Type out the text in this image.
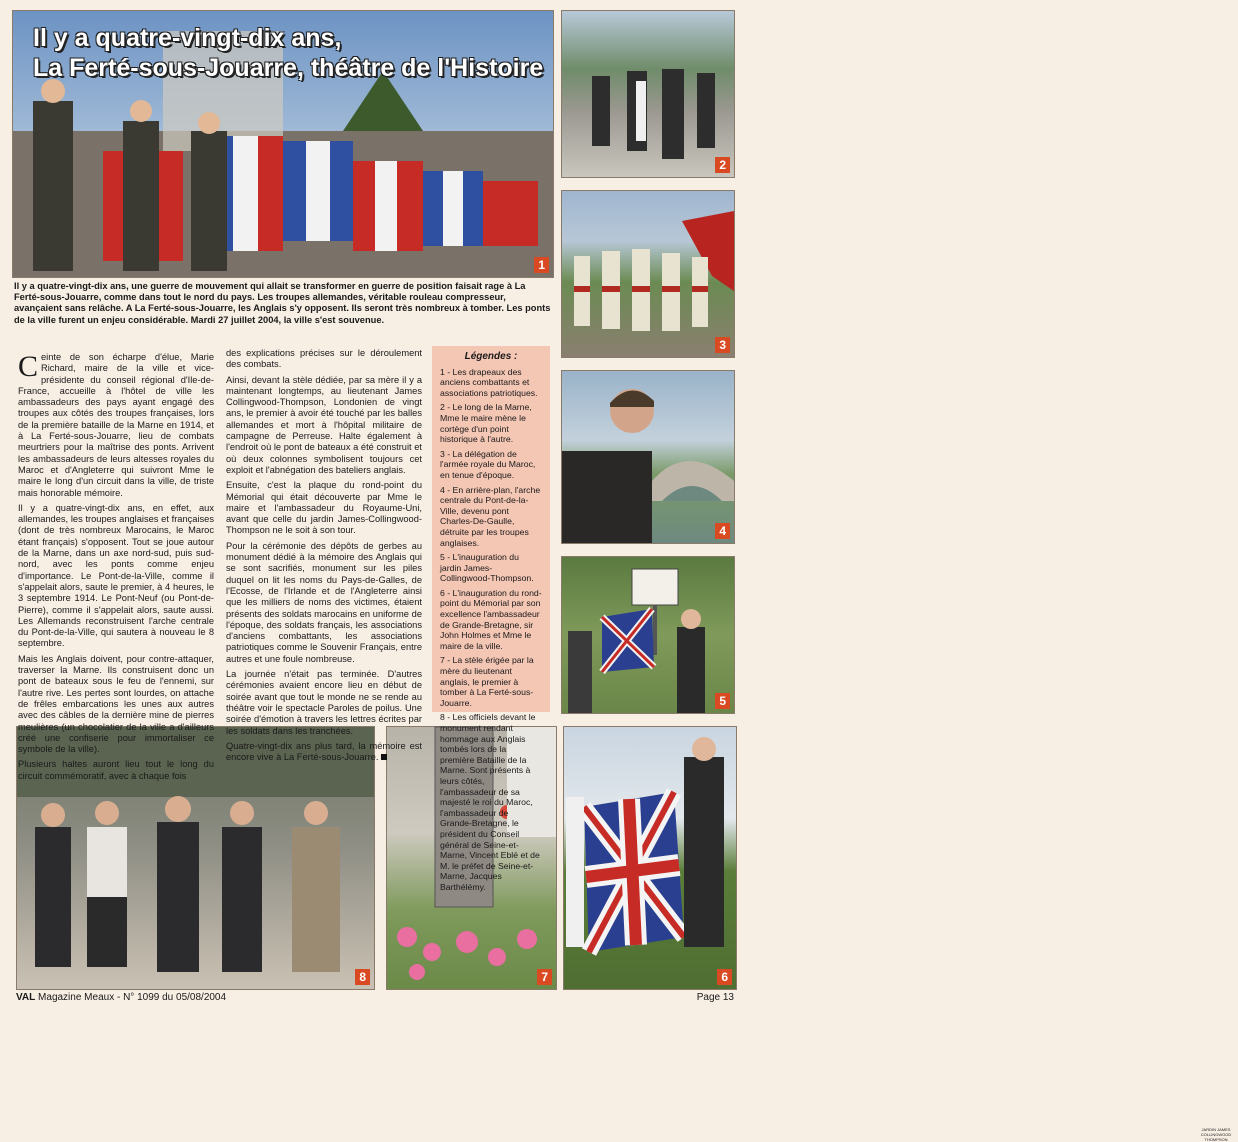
Il y a quatre-vingt-dix ans,
La Ferté-sous-Jouarre, théâtre de l'Histoire
1
2
3
4
JARDIN JAMES COLLINGWOOD THOMPSON
5
8	7	6
Il y a quatre-vingt-dix ans, une guerre de mouvement qui allait se transformer en guerre de position faisait rage à La Ferté-sous-Jouarre, comme dans tout le nord du pays. Les troupes allemandes, véritable rouleau compresseur, avançaient sans relâche. A La Ferté-sous-Jouarre, les Anglais s'y opposent. Ils seront très nombreux à tomber. Les ponts de la ville furent un enjeu considérable. Mardi 27 juillet 2004, la ville s'est souvenue.

Ceinte de son écharpe d'élue, Marie Richard, maire de la ville et vice-présidente du conseil régional d'Ile-de-France, accueille à l'hôtel de ville les ambassadeurs des pays ayant engagé des troupes aux côtés des troupes françaises, lors de la première bataille de la Marne en 1914, et à La Ferté-sous-Jouarre, lieu de combats meurtriers pour la maîtrise des ponts. Arrivent les ambassadeurs de leurs altesses royales du Maroc et d'Angleterre qui suivront Mme le maire le long d'un circuit dans la ville, de triste mais honorable mémoire.

Il y a quatre-vingt-dix ans, en effet, aux allemandes, les troupes anglaises et françaises (dont de très nombreux Marocains, le Maroc étant français) s'opposent. Tout se joue autour de la Marne, dans un axe nord-sud, puis sud-nord, avec les ponts comme enjeu d'importance. Le Pont-de-la-Ville, comme il s'appelait alors, saute le premier, à 4 heures, le 3 septembre 1914. Le Pont-Neuf (ou Pont-de-Pierre), comme il s'appelait alors, saute aussi. Les Allemands reconstruisent l'arche centrale du Pont-de-la-Ville, qui sautera à nouveau le 8 septembre.

Mais les Anglais doivent, pour contre-attaquer, traverser la Marne. Ils construisent donc un pont de bateaux sous le feu de l'ennemi, sur l'autre rive. Les pertes sont lourdes, on attache de frêles embarcations les unes aux autres avec des câbles de la dernière mine de pierres meulières (un chocolatier de la ville a d'ailleurs créé une confiserie pour immortaliser ce symbole de la ville).

Plusieurs haltes auront lieu tout le long du circuit commémoratif, avec à chaque fois

des explications précises sur le déroulement des combats.

Ainsi, devant la stèle dédiée, par sa mère il y a maintenant longtemps, au lieutenant James Collingwood-Thompson, Londonien de vingt ans, le premier à avoir été touché par les balles allemandes et mort à l'hôpital militaire de campagne de Perreuse. Halte également à l'endroit où le pont de bateaux a été construit et où deux colonnes symbolisent toujours cet exploit et l'abnégation des bateliers anglais.

Ensuite, c'est la plaque du rond-point du Mémorial qui était découverte par Mme le maire et l'ambassadeur du Royaume-Uni, avant que celle du jardin James-Collingwood-Thompson ne le soit à son tour.

Pour la cérémonie des dépôts de gerbes au monument dédié à la mémoire des Anglais qui se sont sacrifiés, monument sur les piles duquel on lit les noms du Pays-de-Galles, de l'Ecosse, de l'Irlande et de l'Angleterre ainsi que les milliers de noms des victimes, étaient présents des soldats marocains en uniforme de l'époque, des soldats français, les associations d'anciens combattants, les associations patriotiques comme le Souvenir Français, entre autres et une foule nombreuse.

La journée n'était pas terminée. D'autres cérémonies avaient encore lieu en début de soirée avant que tout le monde ne se rende au théâtre voir le spectacle Paroles de poilus. Une soirée d'émotion à travers les lettres écrites par les soldats dans les tranchées.

Quatre-vingt-dix ans plus tard, la mémoire est encore vive à La Ferté-sous-Jouarre.

Légendes :

1 - Les drapeaux des anciens combattants et associations patriotiques.

2 - Le long de la Marne, Mme le maire mène le cortège d'un point historique à l'autre.

3 - La délégation de l'armée royale du Maroc, en tenue d'époque.

4 - En arrière-plan, l'arche centrale du Pont-de-la-Ville, devenu pont Charles-De-Gaulle, détruite par les troupes anglaises.

5 - L'inauguration du jardin James-Collingwood-Thompson.

6 - L'inauguration du rond-point du Mémorial par son excellence l'ambassadeur de Grande-Bretagne, sir John Holmes et Mme le maire de la ville.

7 - La stèle érigée par la mère du lieutenant anglais, le premier à tomber à La Ferté-sous-Jouarre.

8 - Les officiels devant le monument rendant hommage aux Anglais tombés lors de la première Bataille de la Marne. Sont présents à leurs côtés, l'ambassadeur de sa majesté le roi du Maroc, l'ambassadeur de Grande-Bretagne, le président du Conseil général de Seine-et-Marne, Vincent Eblé et de M. le préfet de Seine-et-Marne, Jacques Barthélémy.

VAL Magazine Meaux - N° 1099 du 05/08/2004	Page 13
